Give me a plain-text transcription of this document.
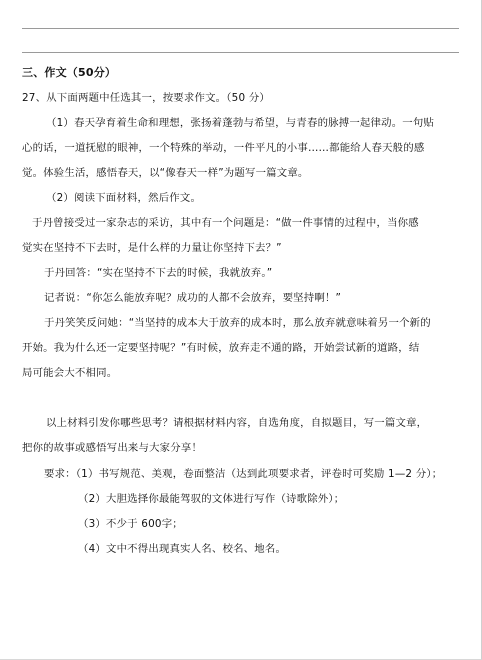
三、作文（50分）
27、从下面两题中任选其一，按要求作文。（50 分）
（1）春天孕育着生命和理想，张扬着蓬勃与希望，与青春的脉搏一起律动。一句贴
心的话，一道抚慰的眼神，一个特殊的举动，一件平凡的小事……都能给人春天般的感
觉。体验生活，感悟春天，以“像春天一样”为题写一篇文章。
（2）阅读下面材料，然后作文。
于丹曾接受过一家杂志的采访，其中有一个问题是：“做一件事情的过程中，当你感
觉实在坚持不下去时，是什么样的力量让你坚持下去？”
于丹回答：“实在坚持不下去的时候，我就放弃。”
记者说：“你怎么能放弃呢？成功的人都不会放弃，要坚持啊！”
于丹笑笑反问她：“当坚持的成本大于放弃的成本时，那么放弃就意味着另一个新的
开始。我为什么还一定要坚持呢？”有时候，放弃走不通的路，开始尝试新的道路，结
局可能会大不相同。
以上材料引发你哪些思考？请根据材料内容，自选角度，自拟题目，写一篇文章，
把你的故事或感悟写出来与大家分享！
要求：（1）书写规范、美观，卷面整洁（达到此项要求者，评卷时可奖励 1—2 分）；
（2）大胆选择你最能驾驭的文体进行写作（诗歌除外）；
（3）不少于 600字；
（4）文中不得出现真实人名、校名、地名。
